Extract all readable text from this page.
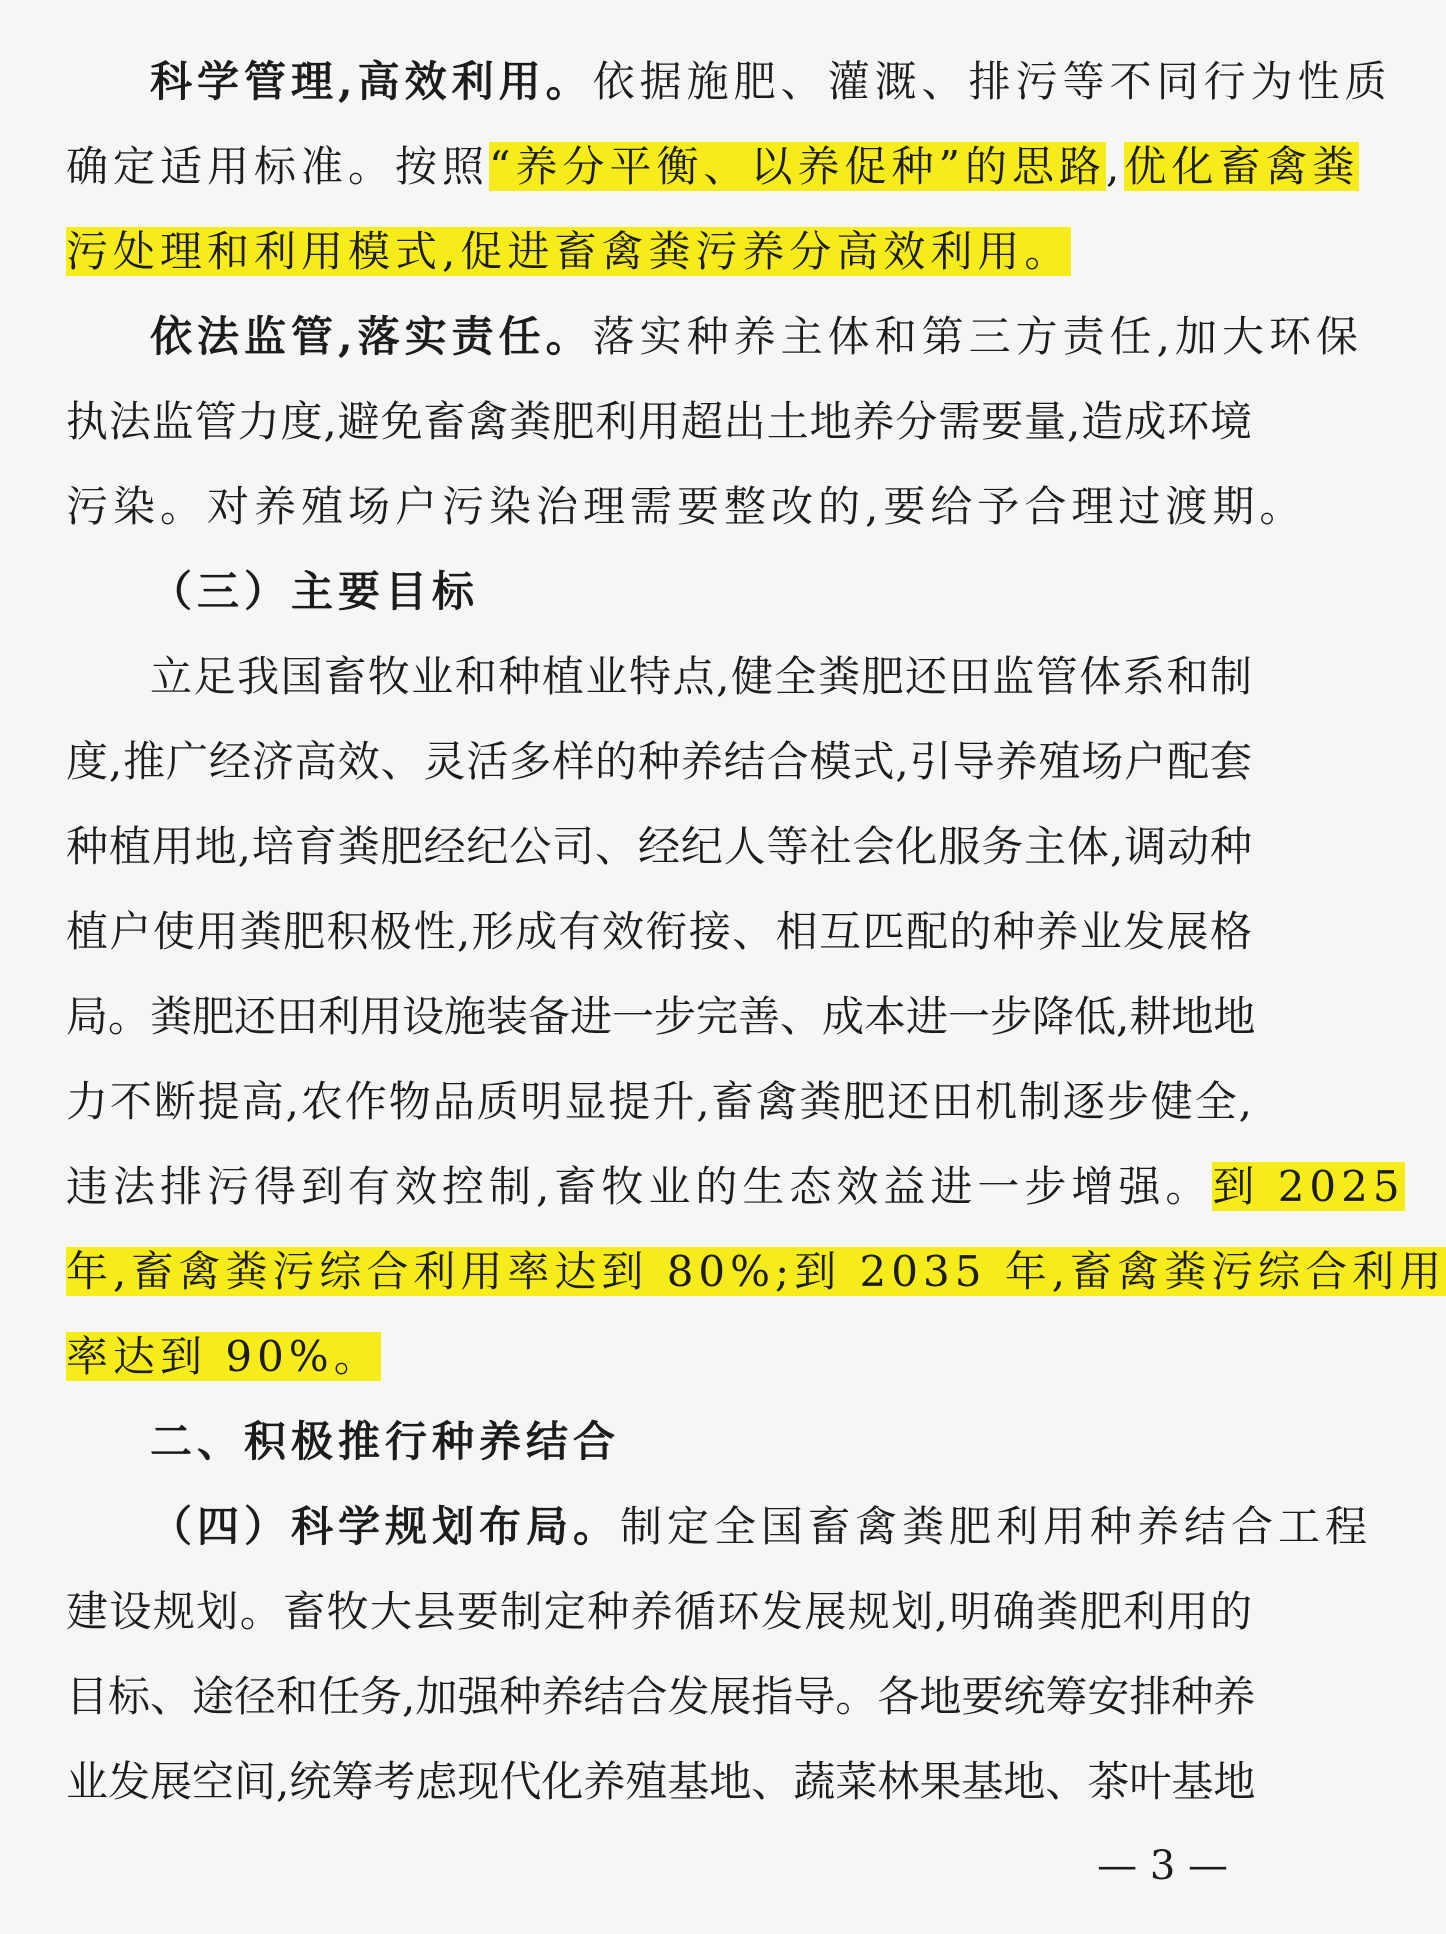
科学管理,高效利用。依据施肥、灌溉、排污等不同行为性质
确定适用标准。按照“养分平衡、以养促种”的思路,优化畜禽粪
污处理和利用模式,促进畜禽粪污养分高效利用。
依法监管,落实责任。落实种养主体和第三方责任,加大环保
执法监管力度,避免畜禽粪肥利用超出土地养分需要量,造成环境
污染。对养殖场户污染治理需要整改的,要给予合理过渡期。
（三）主要目标
立足我国畜牧业和种植业特点,健全粪肥还田监管体系和制
度,推广经济高效、灵活多样的种养结合模式,引导养殖场户配套
种植用地,培育粪肥经纪公司、经纪人等社会化服务主体,调动种
植户使用粪肥积极性,形成有效衔接、相互匹配的种养业发展格
局。粪肥还田利用设施装备进一步完善、成本进一步降低,耕地地
力不断提高,农作物品质明显提升,畜禽粪肥还田机制逐步健全,
违法排污得到有效控制,畜牧业的生态效益进一步增强。到 2025
年,畜禽粪污综合利用率达到 80%;到 2035 年,畜禽粪污综合利用
率达到 90%。
二、积极推行种养结合
（四）科学规划布局。制定全国畜禽粪肥利用种养结合工程
建设规划。畜牧大县要制定种养循环发展规划,明确粪肥利用的
目标、途径和任务,加强种养结合发展指导。各地要统筹安排种养
业发展空间,统筹考虑现代化养殖基地、蔬菜林果基地、茶叶基地
— 3 —
